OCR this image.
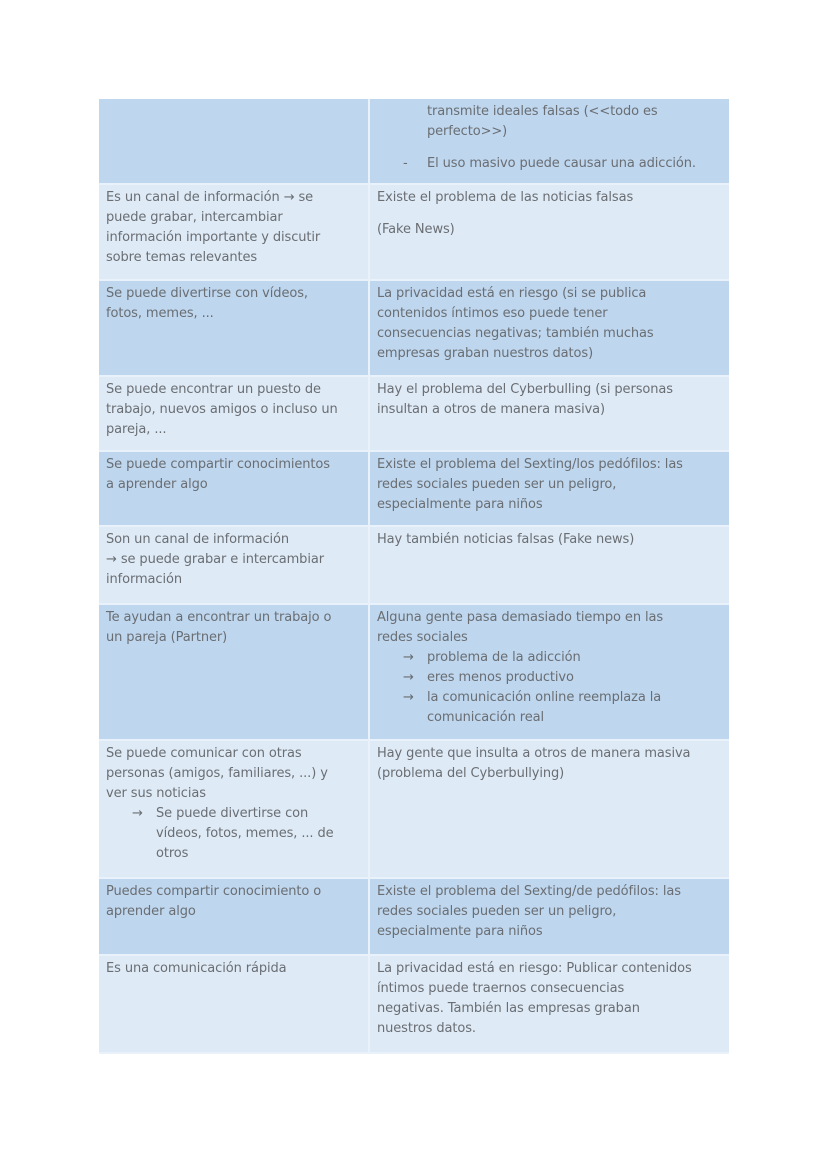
transmite ideales falsas (<<todo es
perfecto>>)
- El uso masivo puede causar una adicción.
Es un canal de información → se
puede grabar, intercambiar
información importante y discutir
sobre temas relevantes
Existe el problema de las noticias falsas
(Fake News)
Se puede divertirse con vídeos,
fotos, memes, ...
La privacidad está en riesgo (si se publica
contenidos íntimos eso puede tener
consecuencias negativas; también muchas
empresas graban nuestros datos)
Se puede encontrar un puesto de
trabajo, nuevos amigos o incluso un
pareja, ...
Hay el problema del Cyberbulling (si personas
insultan a otros de manera masiva)
Se puede compartir conocimientos
a aprender algo
Existe el problema del Sexting/los pedófilos: las
redes sociales pueden ser un peligro,
especialmente para niños
Son un canal de información
→ se puede grabar e intercambiar
información
Hay también noticias falsas (Fake news)
Te ayudan a encontrar un trabajo o
un pareja (Partner)
Alguna gente pasa demasiado tiempo en las
redes sociales
→ problema de la adicción
→ eres menos productivo
→ la comunicación online reemplaza la
comunicación real
Se puede comunicar con otras
personas (amigos, familiares, ...) y
ver sus noticias
→ Se puede divertirse con
vídeos, fotos, memes, ... de
otros
Hay gente que insulta a otros de manera masiva
(problema del Cyberbullying)
Puedes compartir conocimiento o
aprender algo
Existe el problema del Sexting/de pedófilos: las
redes sociales pueden ser un peligro,
especialmente para niños
Es una comunicación rápida	La privacidad está en riesgo: Publicar contenidos
íntimos puede traernos consecuencias
negativas. También las empresas graban
nuestros datos.
